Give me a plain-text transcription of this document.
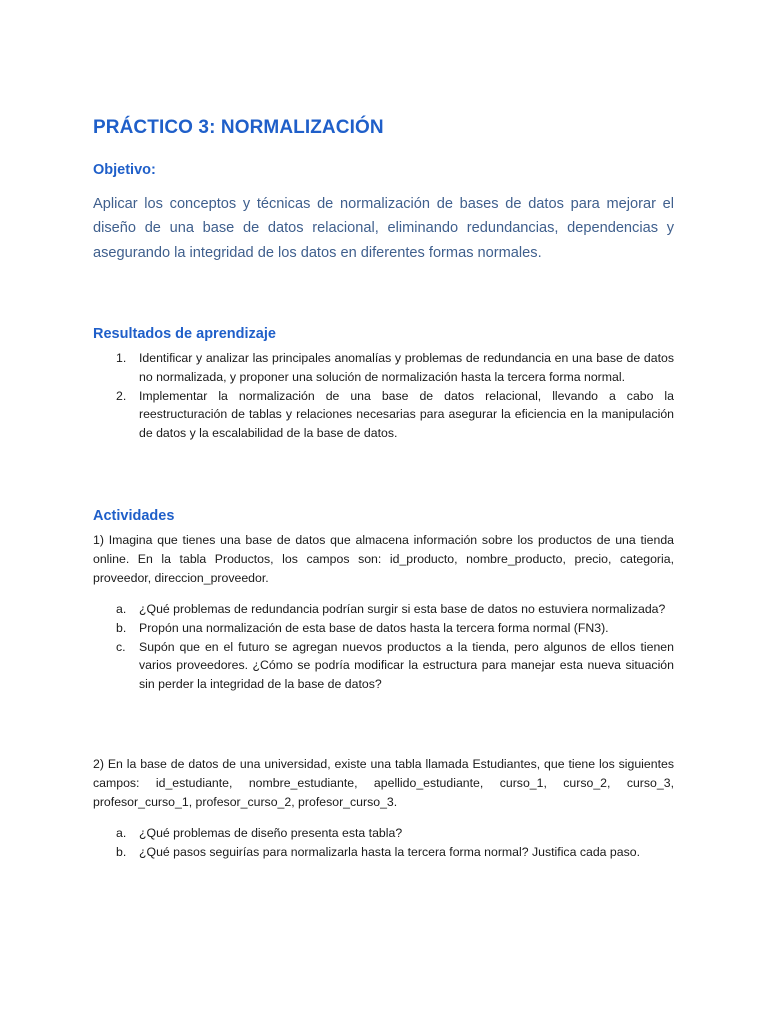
PRÁCTICO 3: NORMALIZACIÓN
Objetivo:
Aplicar los conceptos y técnicas de normalización de bases de datos para mejorar el diseño de una base de datos relacional, eliminando redundancias, dependencias y asegurando la integridad de los datos en diferentes formas normales.
Resultados de aprendizaje
1. Identificar y analizar las principales anomalías y problemas de redundancia en una base de datos no normalizada, y proponer una solución de normalización hasta la tercera forma normal.
2. Implementar la normalización de una base de datos relacional, llevando a cabo la reestructuración de tablas y relaciones necesarias para asegurar la eficiencia en la manipulación de datos y la escalabilidad de la base de datos.
Actividades

1) Imagina que tienes una base de datos que almacena información sobre los productos de una tienda online. En la tabla Productos, los campos son: id_producto, nombre_producto, precio, categoria, proveedor, direccion_proveedor.

a. ¿Qué problemas de redundancia podrían surgir si esta base de datos no estuviera normalizada?
b. Propón una normalización de esta base de datos hasta la tercera forma normal (FN3).
c. Supón que en el futuro se agregan nuevos productos a la tienda, pero algunos de ellos tienen varios proveedores. ¿Cómo se podría modificar la estructura para manejar esta nueva situación sin perder la integridad de la base de datos?

2) En la base de datos de una universidad, existe una tabla llamada Estudiantes, que tiene los siguientes campos: id_estudiante, nombre_estudiante, apellido_estudiante, curso_1, curso_2, curso_3, profesor_curso_1, profesor_curso_2, profesor_curso_3.

a. ¿Qué problemas de diseño presenta esta tabla?
b. ¿Qué pasos seguirías para normalizarla hasta la tercera forma normal? Justifica cada paso.
